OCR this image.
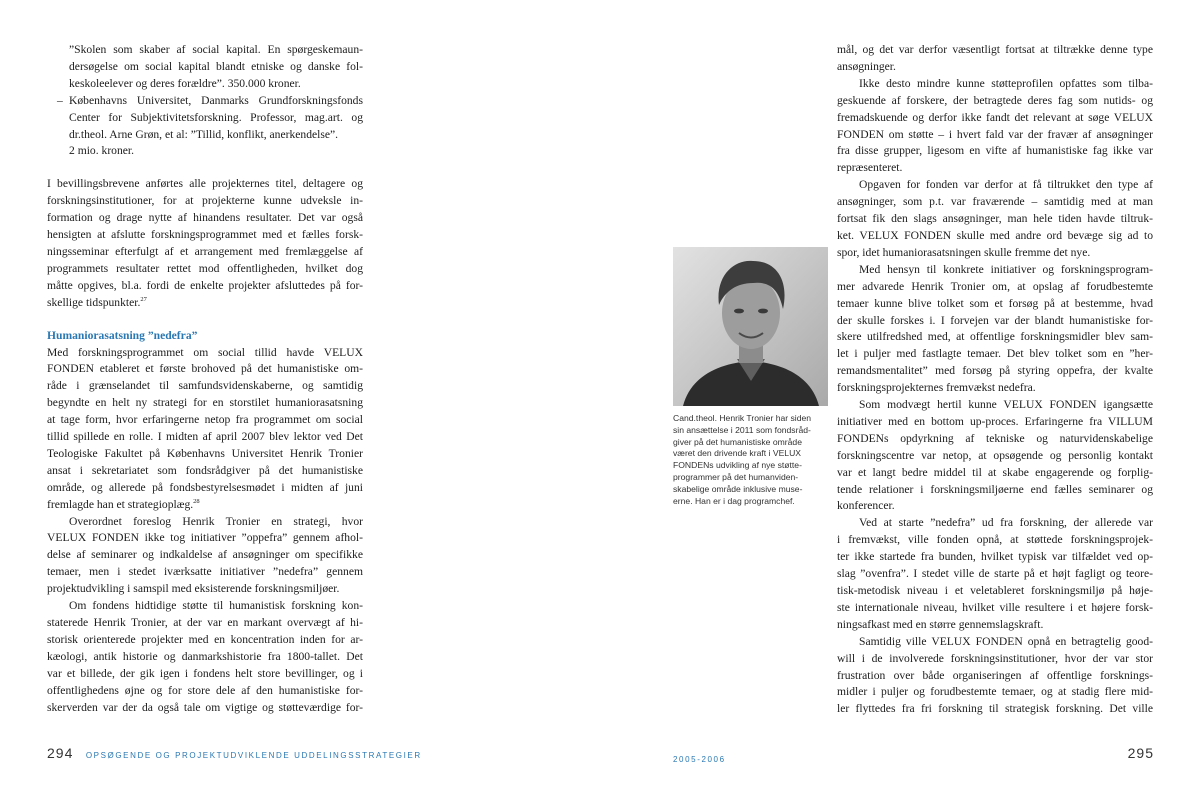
”Skolen som skaber af social kapital. En spørgeskemaun-
dersøgelse om social kapital blandt etniske og danske fol-
keskoleelever og deres forældre”. 350.000 kroner.
– Københavns Universitet, Danmarks Grundforskningsfonds
Center for Subjektivitetsforskning. Professor, mag.art. og
dr.theol. Arne Grøn, et al: ”Tillid, konflikt, anerkendelse”.
2 mio. kroner.
I bevillingsbrevene anførtes alle projekternes titel, deltagere og
forskningsinstitutioner, for at projekterne kunne udveksle in-
formation og drage nytte af hinandens resultater. Det var også
hensigten at afslutte forskningsprogrammet med et fælles forsk-
ningsseminar efterfulgt af et arrangement med fremlæggelse af
programmets resultater rettet mod offentligheden, hvilket dog
måtte opgives, bl.a. fordi de enkelte projekter afsluttedes på for-
skellige tidspunkter.$^{27}$
Humaniorasatsning ”nedefra”
Med forskningsprogrammet om social tillid havde VELUX
FONDEN etableret et første brohoved på det humanistiske om-
råde i grænselandet til samfundsvidenskaberne, og samtidig
begyndte en helt ny strategi for en storstilet humaniorasatsning
at tage form, hvor erfaringerne netop fra programmet om social
tillid spillede en rolle. I midten af april 2007 blev lektor ved Det
Teologiske Fakultet på Københavns Universitet Henrik Tronier
ansat i sekretariatet som fondsrådgiver på det humanistiske
område, og allerede på fondsbestyrelsesmødet i midten af juni
fremlagde han et strategioplæg.$^{28}$
Overordnet foreslog Henrik Tronier en strategi, hvor
VELUX FONDEN ikke tog initiativer ”oppefra” gennem afhol-
delse af seminarer og indkaldelse af ansøgninger om specifikke
temaer, men i stedet iværksatte initiativer ”nedefra” gennem
projektudvikling i samspil med eksisterende forskningsmiljøer.
Om fondens hidtidige støtte til humanistisk forskning kon-
staterede Henrik Tronier, at der var en markant overvægt af hi-
storisk orienterede projekter med en koncentration inden for ar-
kæologi, antik historie og danmarkshistorie fra 1800-tallet. Det
var et billede, der gik igen i fondens helt store bevillinger, og i
offentlighedens øjne og for store dele af den humanistiske for-
skerverden var der da også tale om vigtige og støtteværdige for-
Cand.theol. Henrik Tronier har siden
sin ansættelse i 2011 som fondsråd-
giver på det humanistiske område
været den drivende kraft i VELUX
FONDENs udvikling af nye støtte-
programmer på det humanviden-
skabelige område inklusive muse-
erne. Han er i dag programchef.
mål, og det var derfor væsentligt fortsat at tiltrække denne type
ansøgninger.
Ikke desto mindre kunne støtteprofilen opfattes som tilba-
geskuende af forskere, der betragtede deres fag som nutids- og
fremadskuende og derfor ikke fandt det relevant at søge VELUX
FONDEN om støtte – i hvert fald var der fravær af ansøgninger
fra disse grupper, ligesom en vifte af humanistiske fag ikke var
repræsenteret.
Opgaven for fonden var derfor at få tiltrukket den type af
ansøgninger, som p.t. var fraværende – samtidig med at man
fortsat fik den slags ansøgninger, man hele tiden havde tiltruk-
ket. VELUX FONDEN skulle med andre ord bevæge sig ad to
spor, idet humaniorasatsningen skulle fremme det nye.
Med hensyn til konkrete initiativer og forskningsprogram-
mer advarede Henrik Tronier om, at opslag af forudbestemte
temaer kunne blive tolket som et forsøg på at bestemme, hvad
der skulle forskes i. I forvejen var der blandt humanistiske for-
skere utilfredshed med, at offentlige forskningsmidler blev sam-
let i puljer med fastlagte temaer. Det blev tolket som en ”her-
remandsmentalitet” med forsøg på styring oppefra, der kvalte
forskningsprojekternes fremvækst nedefra.
Som modvægt hertil kunne VELUX FONDEN igangsætte
initiativer med en bottom up-proces. Erfaringerne fra VILLUM
FONDENs opdyrkning af tekniske og naturvidenskabelige
forskningscentre var netop, at opsøgende og personlig kontakt
var et langt bedre middel til at skabe engagerende og forplig-
tende relationer i forskningsmiljøerne end fælles seminarer og
konferencer.
Ved at starte ”nedefra” ud fra forskning, der allerede var
i fremvækst, ville fonden opnå, at støttede forskningsprojek-
ter ikke startede fra bunden, hvilket typisk var tilfældet ved op-
slag ”ovenfra”. I stedet ville de starte på et højt fagligt og teore-
tisk-metodisk niveau i et veletableret forskningsmiljø på høje-
ste internationale niveau, hvilket ville resultere i et højere forsk-
ningsafkast med en større gennemslagskraft.
Samtidig ville VELUX FONDEN opnå en betragtelig good-
will i de involverede forskningsinstitutioner, hvor der var stor
frustration over både organiseringen af offentlige forsknings-
midler i puljer og forudbestemte temaer, og at stadig flere mid-
ler flyttedes fra fri forskning til strategisk forskning. Det ville
294 OPSØGENDE OG PROJEKTUDVIKLENDE UDDELINGSSTRATEGIER	2005-2006	295
